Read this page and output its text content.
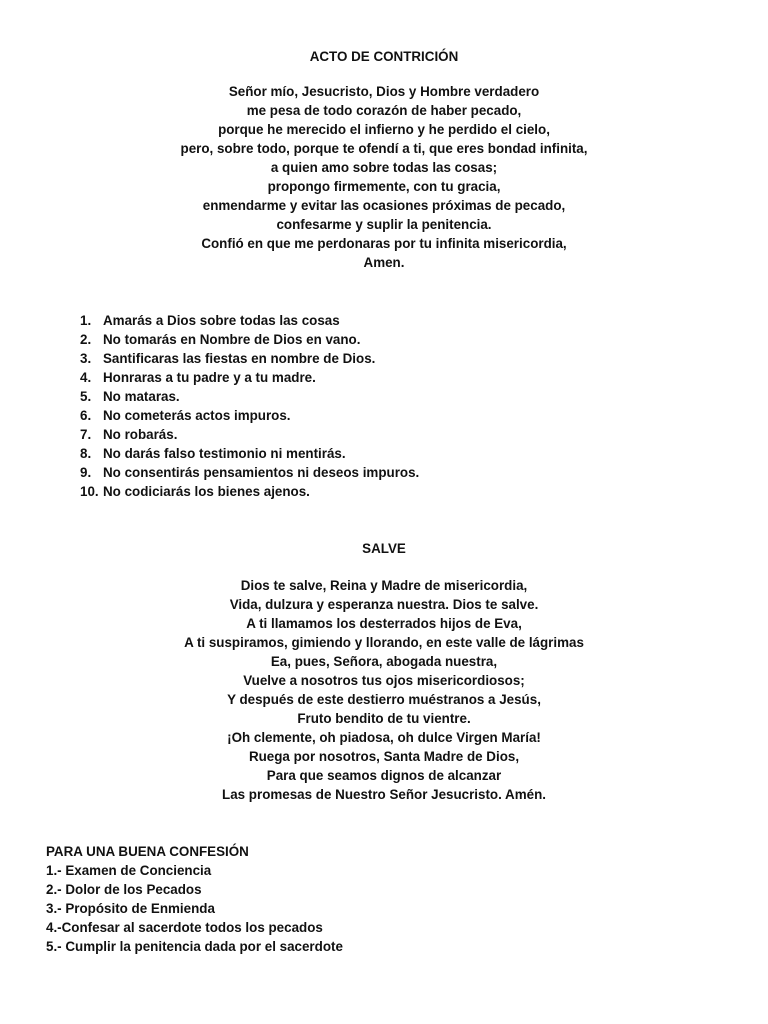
ACTO DE CONTRICIÓN
Señor mío, Jesucristo, Dios y Hombre verdadero
me pesa de todo corazón de haber pecado,
porque he merecido el infierno y he perdido el cielo,
pero, sobre todo, porque te ofendí a ti, que eres bondad infinita,
a quien amo sobre todas las cosas;
propongo firmemente, con tu gracia,
enmendarme y evitar las ocasiones próximas de pecado,
confesarme y suplir la penitencia.
Confió en que me perdonaras por tu infinita misericordia,
Amen.
1. Amarás a Dios sobre todas las cosas
2. No tomarás en Nombre de Dios en vano.
3. Santificaras las fiestas en nombre de Dios.
4. Honraras a tu padre y a tu madre.
5. No mataras.
6. No cometerás actos impuros.
7. No robarás.
8. No darás falso testimonio ni mentirás.
9. No consentirás pensamientos ni deseos impuros.
10. No codiciarás los bienes ajenos.
SALVE
Dios te salve, Reina y Madre de misericordia,
Vida, dulzura y esperanza nuestra. Dios te salve.
A ti llamamos los desterrados hijos de Eva,
A ti suspiramos, gimiendo y llorando, en este valle de lágrimas
Ea, pues, Señora, abogada nuestra,
Vuelve a nosotros tus ojos misericordiosos;
Y después de este destierro muéstranos a Jesús,
Fruto bendito de tu vientre.
¡Oh clemente, oh piadosa, oh dulce Virgen María!
Ruega por nosotros, Santa Madre de Dios,
Para que seamos dignos de alcanzar
Las promesas de Nuestro Señor Jesucristo. Amén.
PARA UNA BUENA CONFESIÓN
1.- Examen de Conciencia
2.- Dolor de los Pecados
3.- Propósito de Enmienda
4.-Confesar al sacerdote todos los pecados
5.- Cumplir la penitencia dada por el sacerdote
